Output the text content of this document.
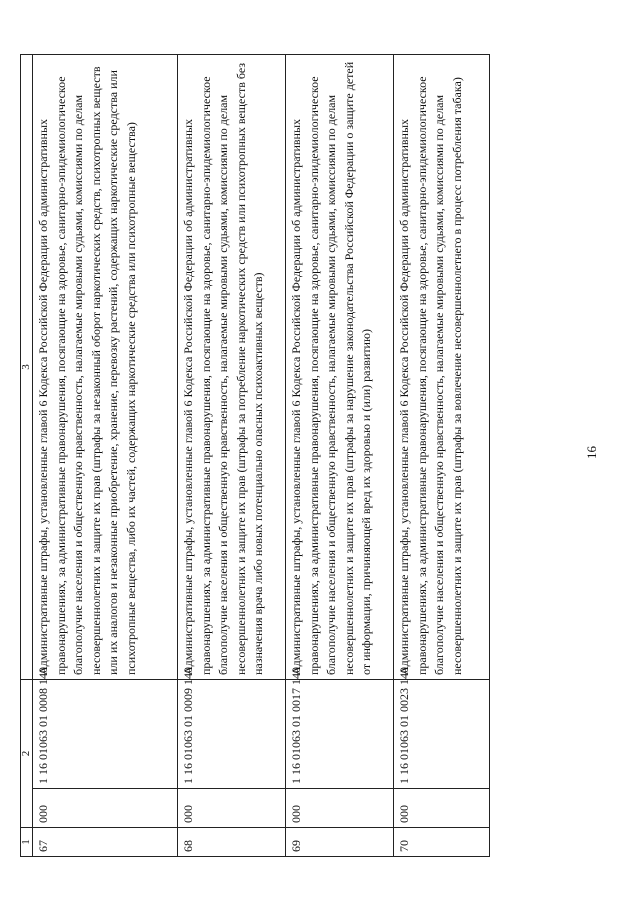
16
1	2		3
67	000	1 16 01063 01 0008 140	Административные штрафы, установленные главой 6 Кодекса Российской Федерации об административных правонарушениях, за административные правонарушения, посягающие на здоровье, санитарно-эпидемиологическое благополучие населения и общественную нравственность, налагаемые мировыми судьями, комиссиями по делам несовершеннолетних и защите их прав (штрафы за незаконный оборот наркотических средств, психотропных веществ или их аналогов и незаконные приобретение, хранение, перевозку растений, содержащих наркотические средства или психотропные вещества, либо их частей, содержащих наркотические средства или психотропные вещества)
68	000	1 16 01063 01 0009 140	Административные штрафы, установленные главой 6 Кодекса Российской Федерации об административных правонарушениях, за административные правонарушения, посягающие на здоровье, санитарно-эпидемиологическое благополучие населения и общественную нравственность, налагаемые мировыми судьями, комиссиями по делам несовершеннолетних и защите их прав (штрафы за потребление наркотических средств или психотропных веществ без назначения врача либо новых потенциально опасных психоактивных веществ)
69	000	1 16 01063 01 0017 140	Административные штрафы, установленные главой 6 Кодекса Российской Федерации об административных правонарушениях, за административные правонарушения, посягающие на здоровье, санитарно-эпидемиологическое благополучие населения и общественную нравственность, налагаемые мировыми судьями, комиссиями по делам несовершеннолетних и защите их прав (штрафы за нарушение законодательства Российской Федерации о защите детей от информации, причиняющей вред их здоровью и (или) развитию)
70	000	1 16 01063 01 0023 140	Административные штрафы, установленные главой 6 Кодекса Российской Федерации об административных правонарушениях, за административные правонарушения, посягающие на здоровье, санитарно-эпидемиологическое благополучие населения и общественную нравственность, налагаемые мировыми судьями, комиссиями по делам несовершеннолетних и защите их прав (штрафы за вовлечение несовершеннолетнего в процесс потребления табака)
